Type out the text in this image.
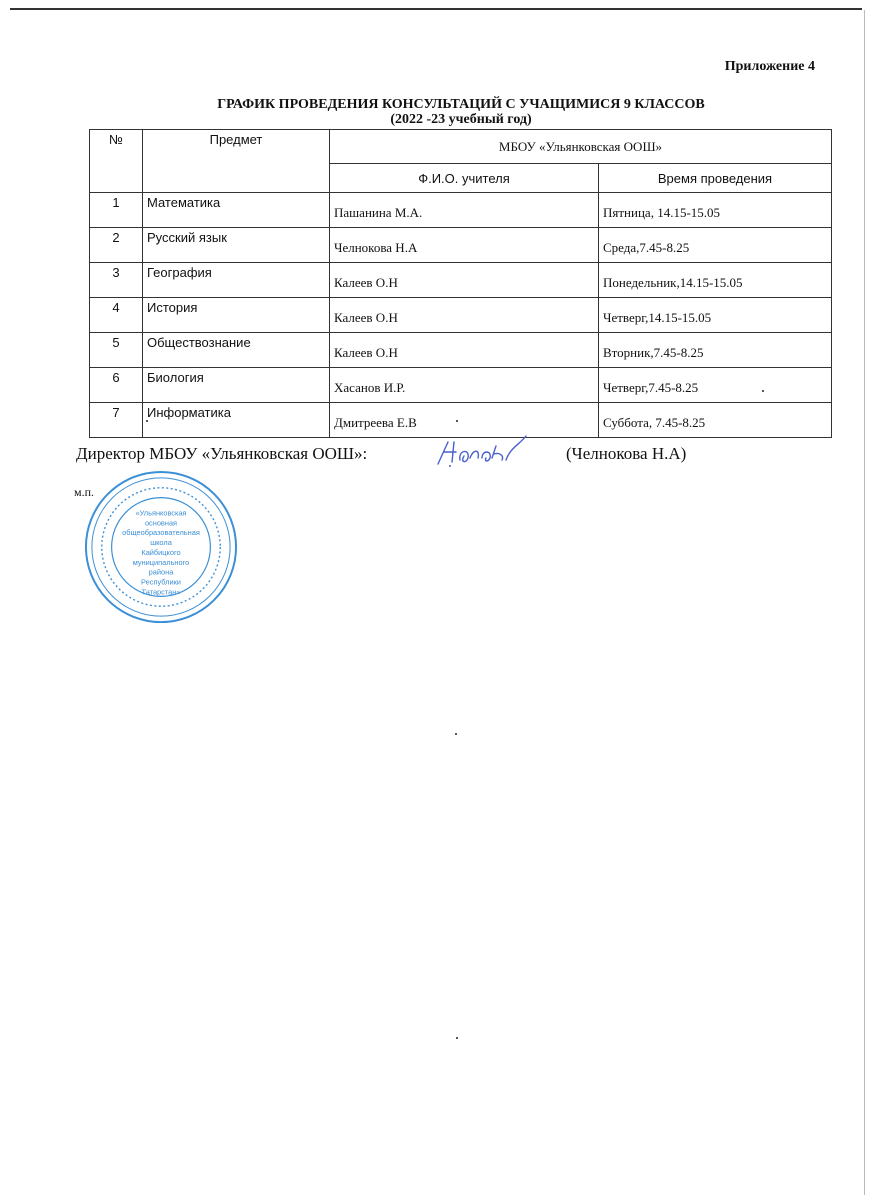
Приложение 4
ГРАФИК ПРОВЕДЕНИЯ КОНСУЛЬТАЦИЙ С УЧАЩИМИСЯ 9 КЛАССОВ
(2022 -23 учебный год)
№	Предмет	МБОУ «Ульянковская ООШ»	
		Ф.И.О. учителя	Время проведения
1	Математика	Пашанина М.А.	Пятница, 14.15-15.05
2	Русский язык	Челнокова Н.А	Среда,7.45-8.25
3	География	Калеев О.Н	Понедельник,14.15-15.05
4	История	Калеев О.Н	Четверг,14.15-15.05
5	Обществознание	Калеев О.Н	Вторник,7.45-8.25
6	Биология	Хасанов И.Р.	Четверг,7.45-8.25
7	Информатика	Дмитреева Е.В	Суббота, 7.45-8.25
Директор МБОУ «Ульянковская ООШ»:	(Челнокова Н.А)
м.п.
«Ульянковская
основная
общеобразовательная
школа
Кайбицкого
муниципального
района
Республики
Татарстан»
